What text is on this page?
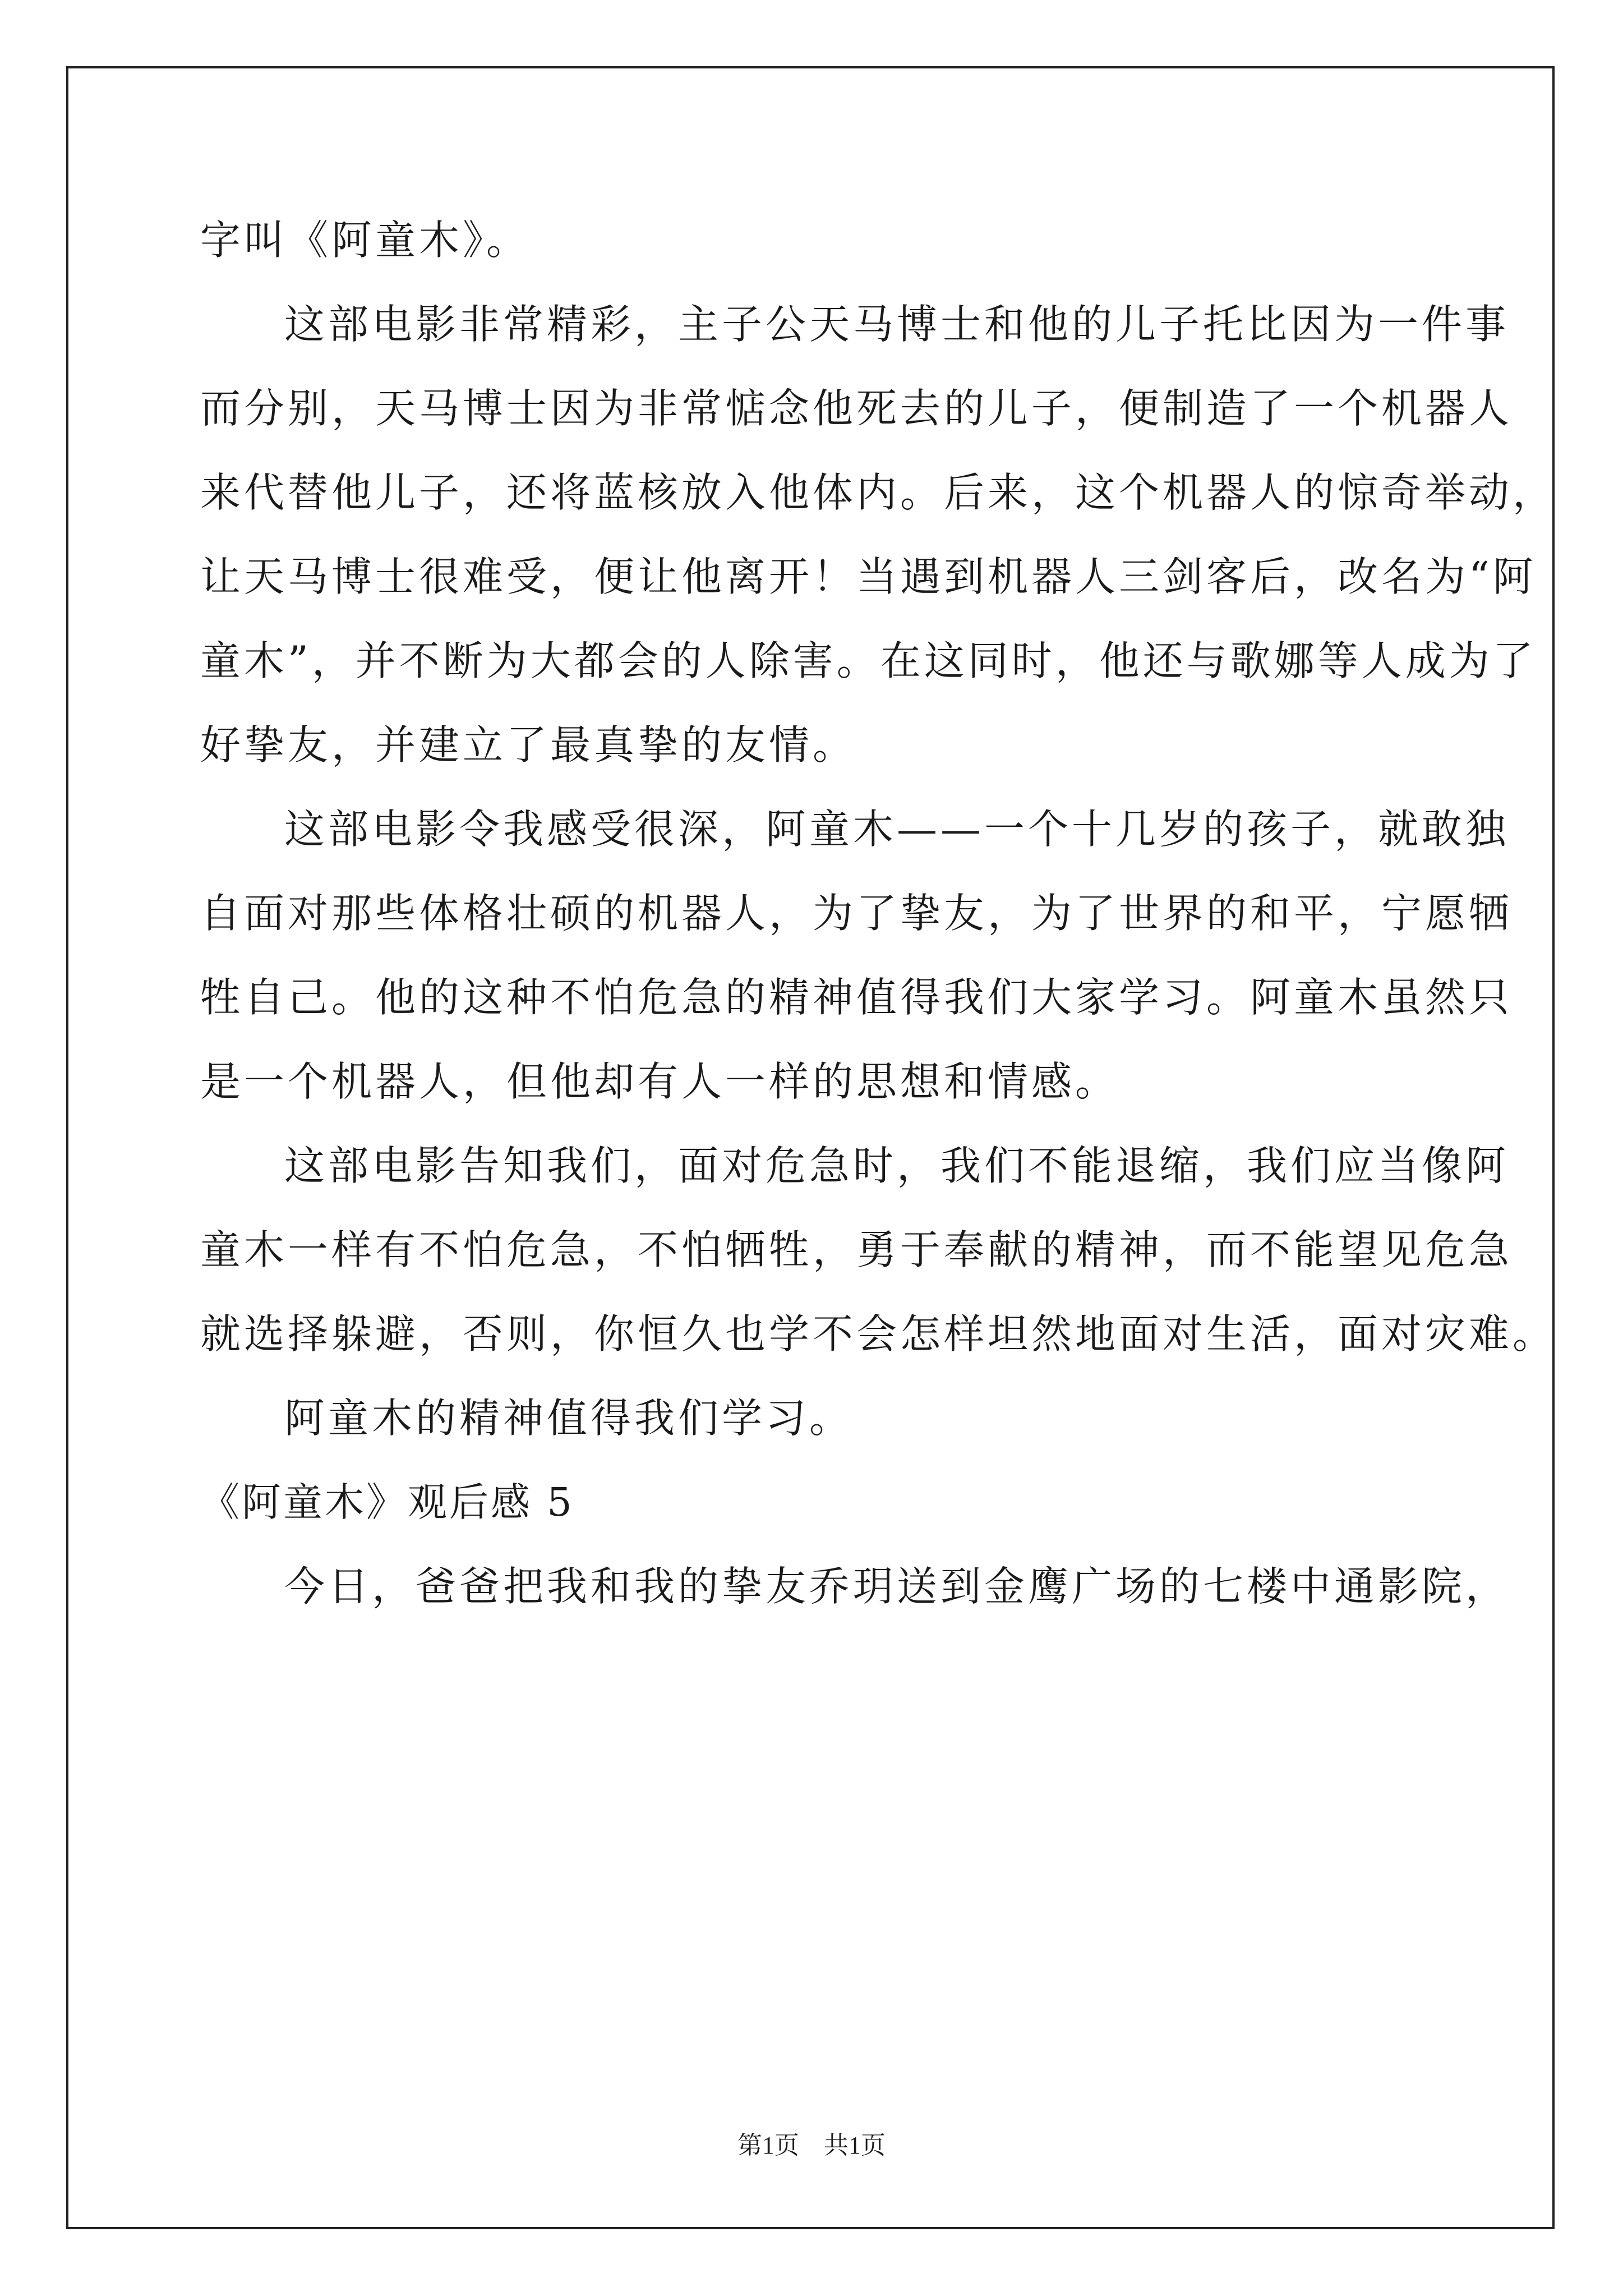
字叫《阿童木》。
这部电影非常精彩，主子公天马博士和他的儿子托比因为一件事
而分别，天马博士因为非常惦念他死去的儿子，便制造了一个机器人
来代替他儿子，还将蓝核放入他体内。后来，这个机器人的惊奇举动，
让天马博士很难受，便让他离开！当遇到机器人三剑客后，改名为“阿
童木”，并不断为大都会的人除害。在这同时，他还与歌娜等人成为了
好挚友，并建立了最真挚的友情。
这部电影令我感受很深，阿童木——一个十几岁的孩子，就敢独
自面对那些体格壮硕的机器人，为了挚友，为了世界的和平，宁愿牺
牲自己。他的这种不怕危急的精神值得我们大家学习。阿童木虽然只
是一个机器人，但他却有人一样的思想和情感。
这部电影告知我们，面对危急时，我们不能退缩，我们应当像阿
童木一样有不怕危急，不怕牺牲，勇于奉献的精神，而不能望见危急
就选择躲避，否则，你恒久也学不会怎样坦然地面对生活，面对灾难。
阿童木的精神值得我们学习。
《阿童木》观后感 5
今日，爸爸把我和我的挚友乔玥送到金鹰广场的七楼中通影院，
第1页　共1页
